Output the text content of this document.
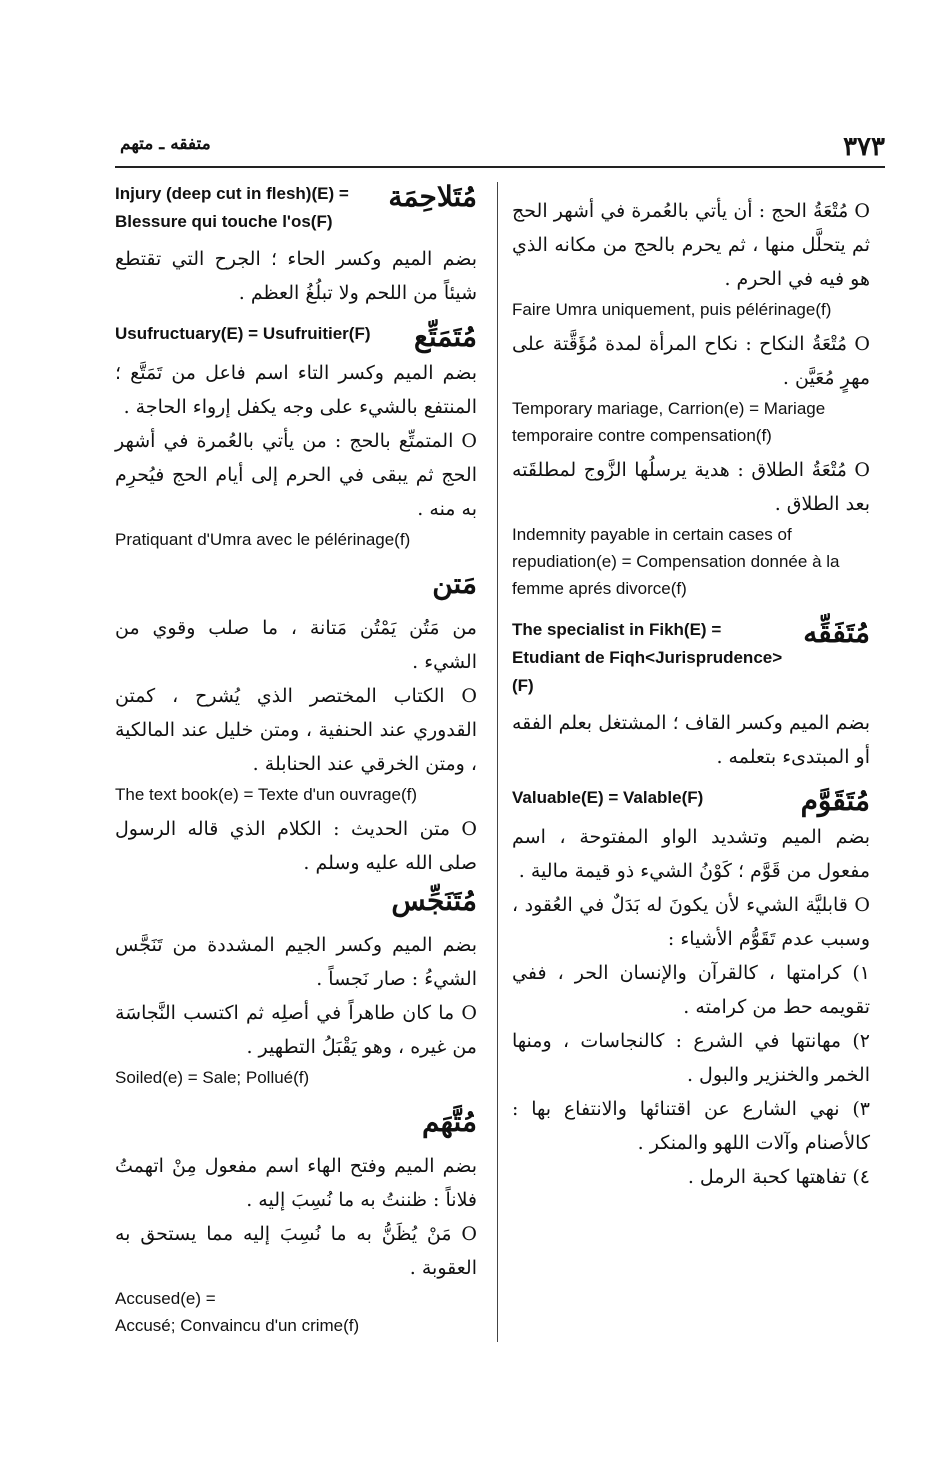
٣٧٣
متفقه ـ متهم

O مُتْعَةُ الحج : أن يأتي بالعُمرة في أشهر الحج ثم يتحلَّل منها ، ثم يحرم بالحج من مكانه الذي هو فيه في الحرم .

Faire Umra uniquement, puis pélérinage(f)

O مُتْعَةُ النكاح : نكاح المرأة لمدة مُؤَقَّتة على مهرٍ مُعَيَّن .

Temporary mariage, Carrion(e) = Mariage temporaire contre compensation(f)

O مُتْعَةُ الطلاق : هدية يرسلُها الزَّوج لمطلقَته بعد الطلاق .

Indemnity payable in certain cases of repudiation(e) = Compensation donnée à la femme aprés divorce(f)

مُتَفَقِّه
The specialist in Fikh(E) = Etudiant de Fiqh<Jurisprudence>(F)

بضم الميم وكسر القاف ؛ المشتغل بعلم الفقه أو المبتدىء بتعلمه .

مُتَقَوَّم
Valuable(E) = Valable(F)

بضم الميم وتشديد الواو المفتوحة ، اسم مفعول من قَوَّم ؛ كَوْنُ الشيء ذو قيمة مالية .

O قابليَّة الشيء لأن يكونَ له بَدَلٌ في العُقود ، وسبب عدم تَقَوُّم الأشياء :

١) كرامتها ، كالقرآن والإنسان الحر ، ففي تقويمه حط من كرامته .

٢) مهانتها في الشرع : كالنجاسات ، ومنها الخمر والخنزير والبول .

٣) نهي الشارع عن اقتنائها والانتفاع بها : كالأصنام وآلات اللهو والمنكر .

٤) تفاهتها كحبة الرمل .

مُتَلاحِمَة
Injury (deep cut in flesh)(E) = Blessure qui touche l'os(F)

بضم الميم وكسر الحاء ؛ الجرح التي تقتطع شيئاً من اللحم ولا تبلُغُ العظم .

مُتَمَتِّع
Usufructuary(E) = Usufruitier(F)

بضم الميم وكسر التاء اسم فاعل من تَمَتَّع ؛ المنتفع بالشيء على وجه يكفل إرواء الحاجة .

O المتمتِّع بالحج : من يأتي بالعُمرة في أشهر الحج ثم يبقى في الحرم إلى أيام الحج فيُحرِم به منه .

Pratiquant d'Umra avec le pélérinage(f)

مَتن

من مَتُن يَمْتُن مَتانة ، ما صلب وقوي من الشيء .

O الكتاب المختصر الذي يُشرح ، كمتن القدوري عند الحنفية ، ومتن خليل عند المالكية ، ومتن الخرقي عند الحنابلة .

The text book(e) = Texte d'un ouvrage(f)

O متن الحديث : الكلام الذي قاله الرسول صلى الله عليه وسلم .

مُتَنَجِّس

بضم الميم وكسر الجيم المشددة من تَنَجَّس الشيءُ : صار نَجساً .

O ما كان طاهراً في أصلِه ثم اكتسب النَّجاسَة من غيره ، وهو يَقْبَلُ التطهير .

Soiled(e) = Sale; Pollué(f)

مُتَّهَم

بضم الميم وفتح الهاء اسم مفعول مِنْ اتهمتُ فلاناً : ظننتُ به ما نُسِبَ إليه .

O مَنْ يُظَنُّ به ما نُسِبَ إليه مما يستحق به العقوبة .

Accused(e) =

Accusé; Convaincu d'un crime(f)
